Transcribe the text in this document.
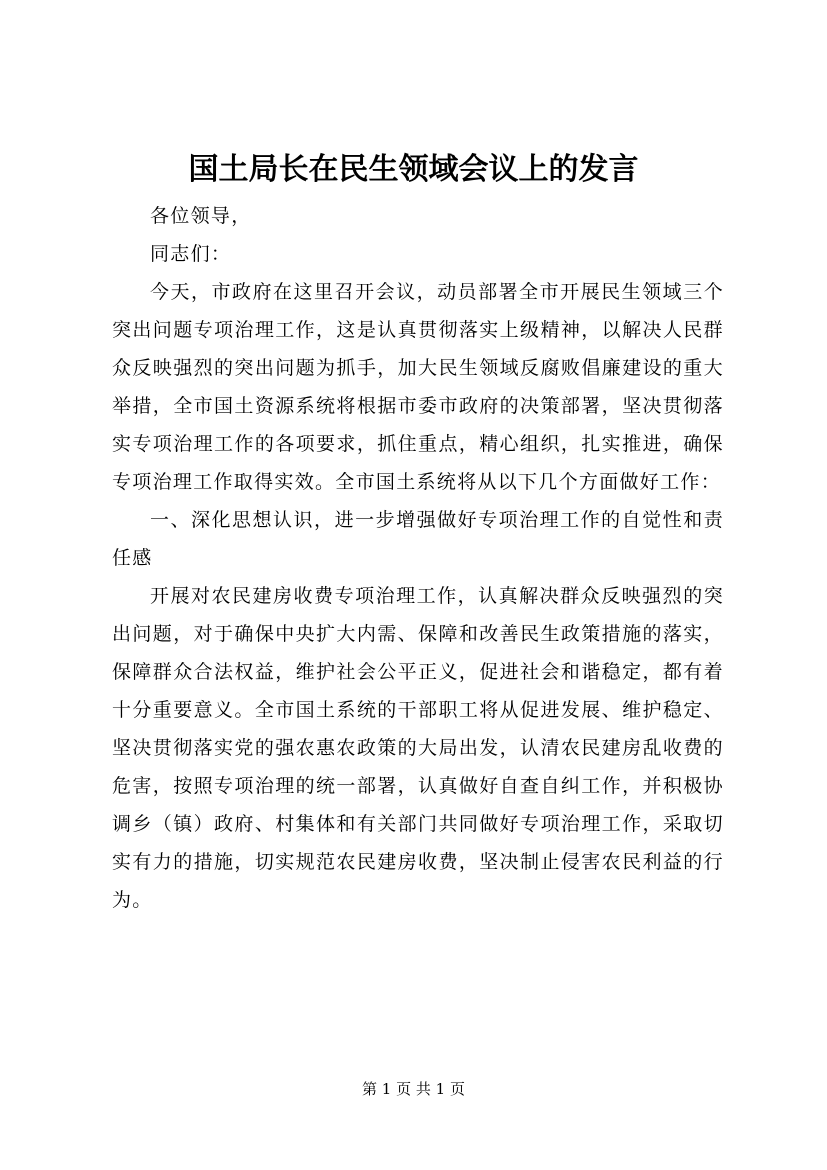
国土局长在民生领域会议上的发言

各位领导，

同志们：

今天，市政府在这里召开会议，动员部署全市开展民生领域三个突出问题专项治理工作，这是认真贯彻落实上级精神，以解决人民群众反映强烈的突出问题为抓手，加大民生领域反腐败倡廉建设的重大举措，全市国土资源系统将根据市委市政府的决策部署，坚决贯彻落实专项治理工作的各项要求，抓住重点，精心组织，扎实推进，确保专项治理工作取得实效。全市国土系统将从以下几个方面做好工作：

一、深化思想认识，进一步增强做好专项治理工作的自觉性和责任感

开展对农民建房收费专项治理工作，认真解决群众反映强烈的突出问题，对于确保中央扩大内需、保障和改善民生政策措施的落实，保障群众合法权益，维护社会公平正义，促进社会和谐稳定，都有着十分重要意义。全市国土系统的干部职工将从促进发展、维护稳定、坚决贯彻落实党的强农惠农政策的大局出发，认清农民建房乱收费的危害，按照专项治理的统一部署，认真做好自查自纠工作，并积极协调乡（镇）政府、村集体和有关部门共同做好专项治理工作，采取切实有力的措施，切实规范农民建房收费，坚决制止侵害农民利益的行为。

第 1 页 共 1 页
